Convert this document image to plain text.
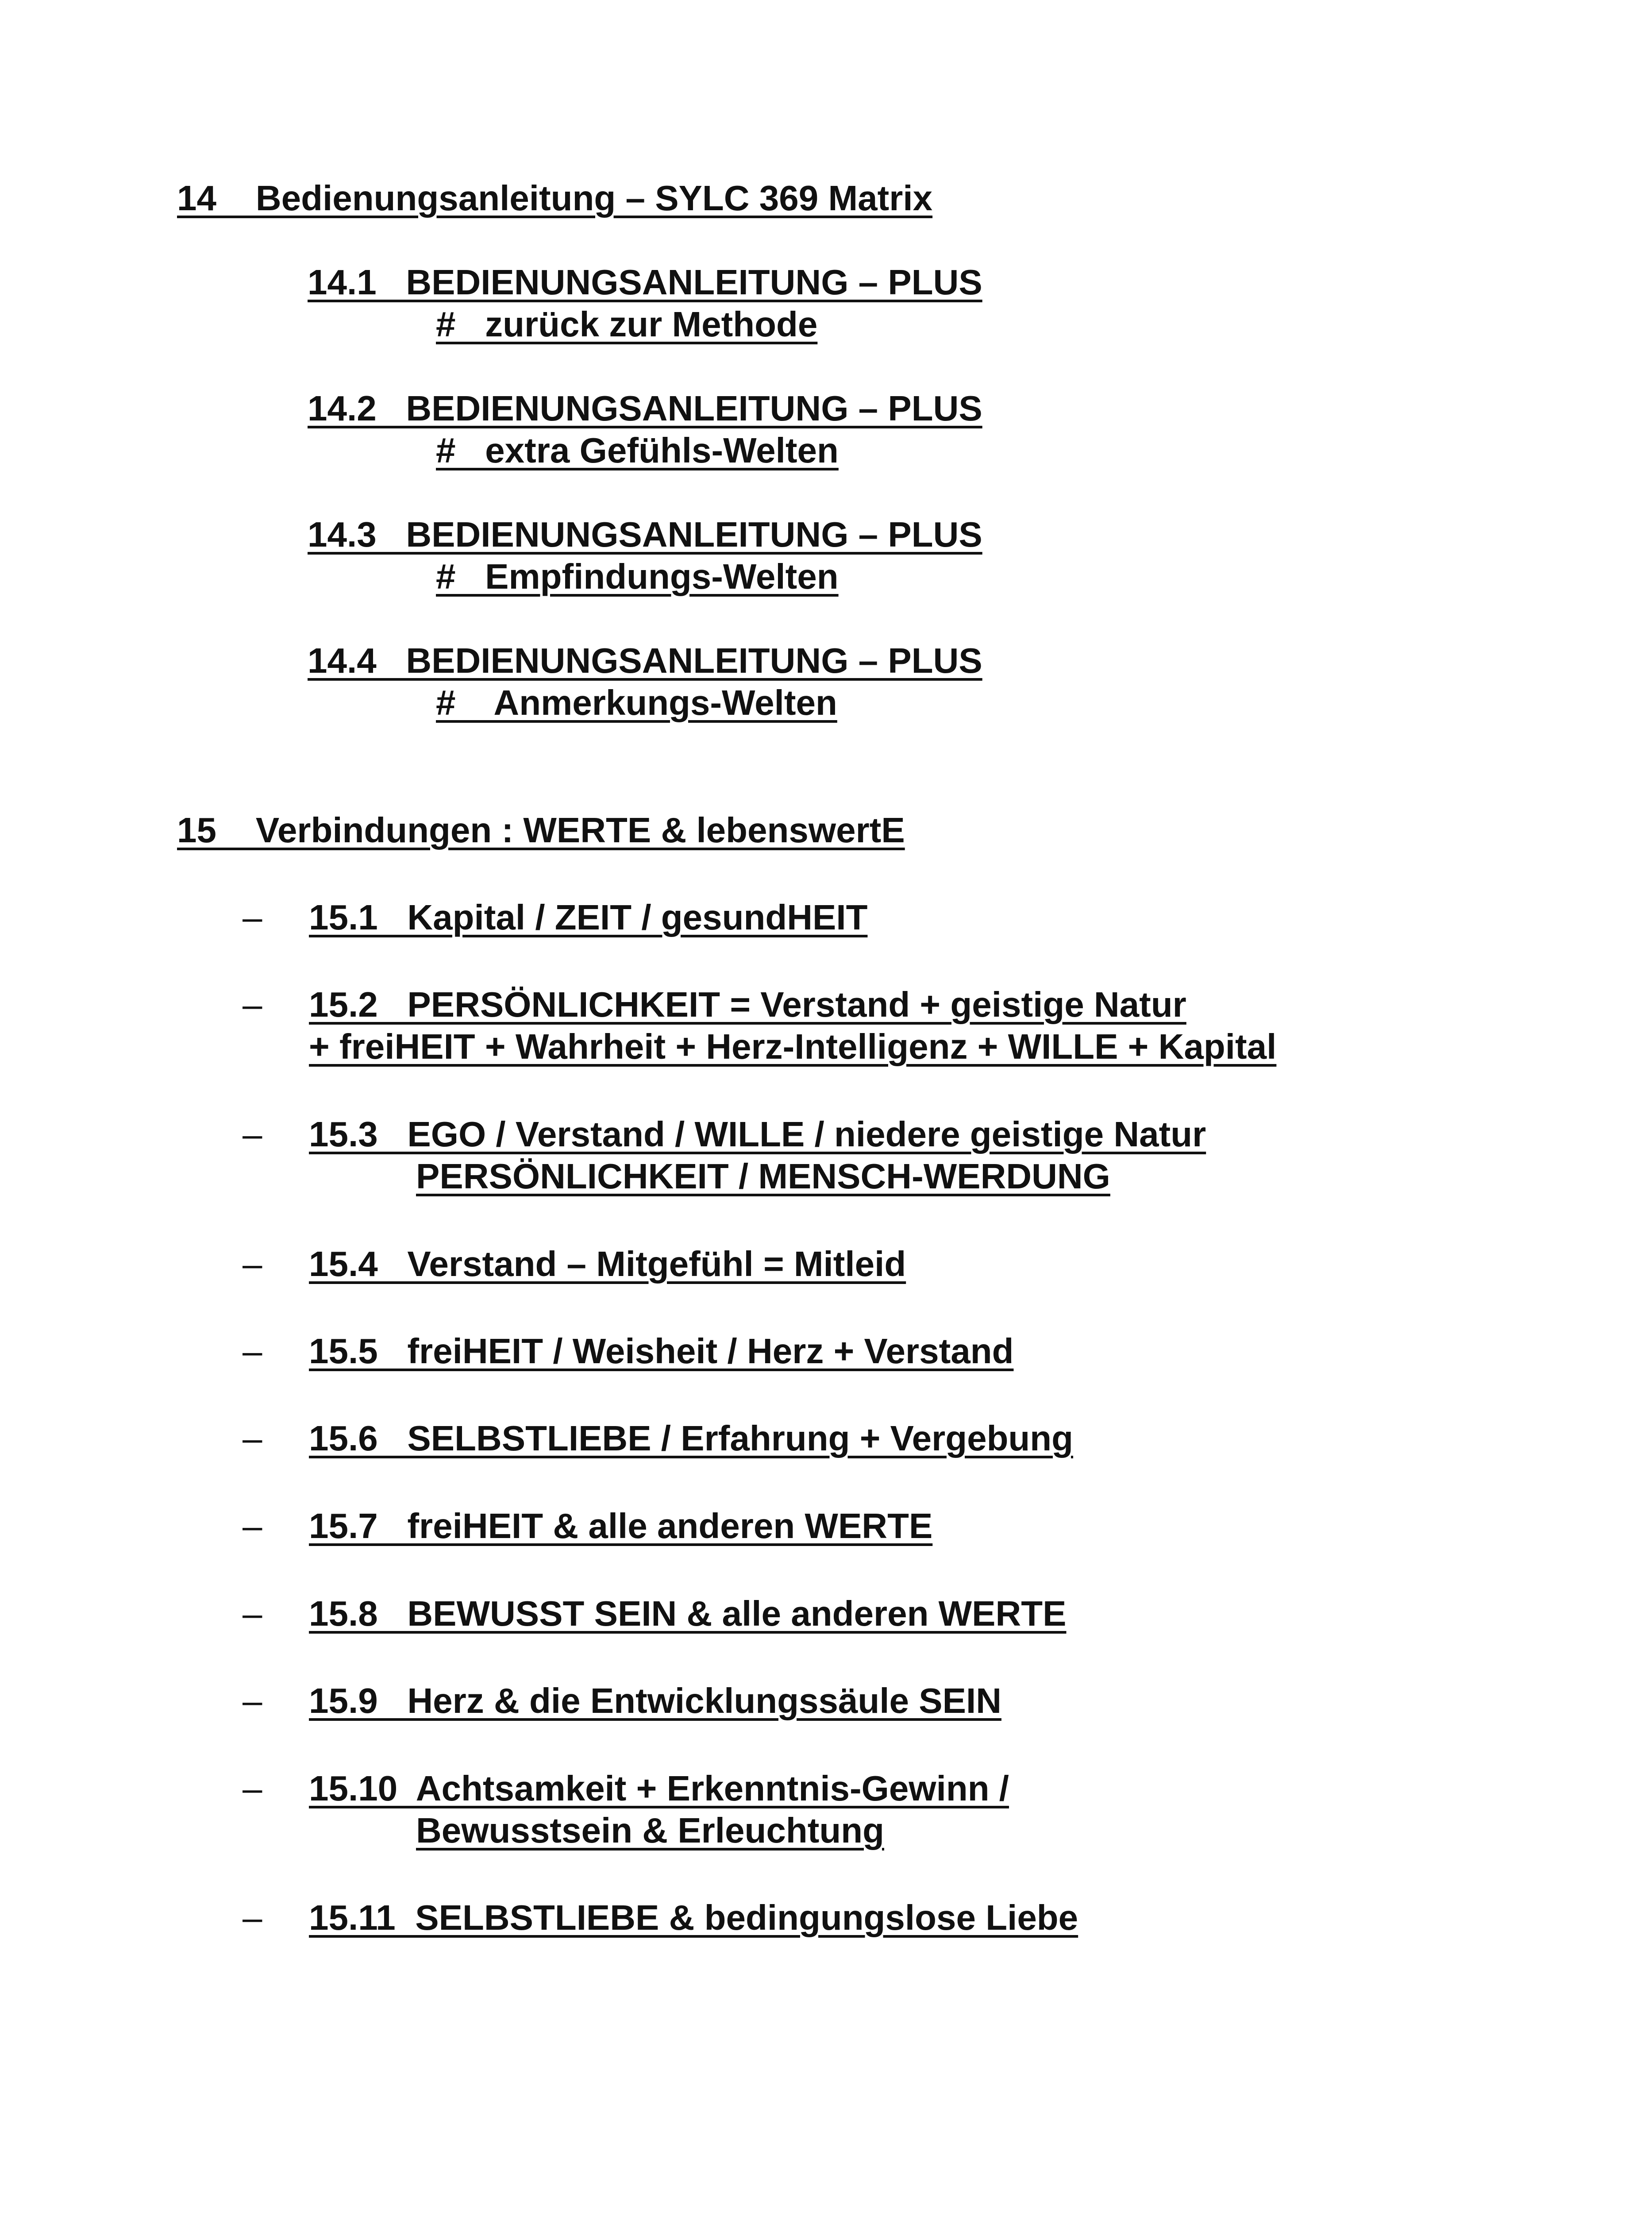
14    Bedienungsanleitung – SYLC 369 Matrix
14.1   BEDIENUNGSANLEITUNG – PLUS
#   zurück zur Methode
14.2   BEDIENUNGSANLEITUNG – PLUS
#   extra Gefühls-Welten
14.3   BEDIENUNGSANLEITUNG – PLUS
#   Empfindungs-Welten
14.4   BEDIENUNGSANLEITUNG – PLUS
#    Anmerkungs-Welten
15    Verbindungen : WERTE & lebenswertE
– 15.1   Kapital / ZEIT / gesundHEIT
– 15.2   PERSÖNLICHKEIT = Verstand + geistige Natur
+ freiHEIT + Wahrheit + Herz-Intelligenz + WILLE + Kapital
– 15.3   EGO / Verstand / WILLE / niedere geistige Natur
PERSÖNLICHKEIT / MENSCH-WERDUNG
– 15.4   Verstand – Mitgefühl = Mitleid
– 15.5   freiHEIT / Weisheit / Herz + Verstand
– 15.6   SELBSTLIEBE / Erfahrung + Vergebung
– 15.7   freiHEIT & alle anderen WERTE
– 15.8   BEWUSST SEIN & alle anderen WERTE
– 15.9   Herz & die Entwicklungssäule SEIN
– 15.10  Achtsamkeit + Erkenntnis-Gewinn /
Bewusstsein & Erleuchtung
– 15.11  SELBSTLIEBE & bedingungslose Liebe
